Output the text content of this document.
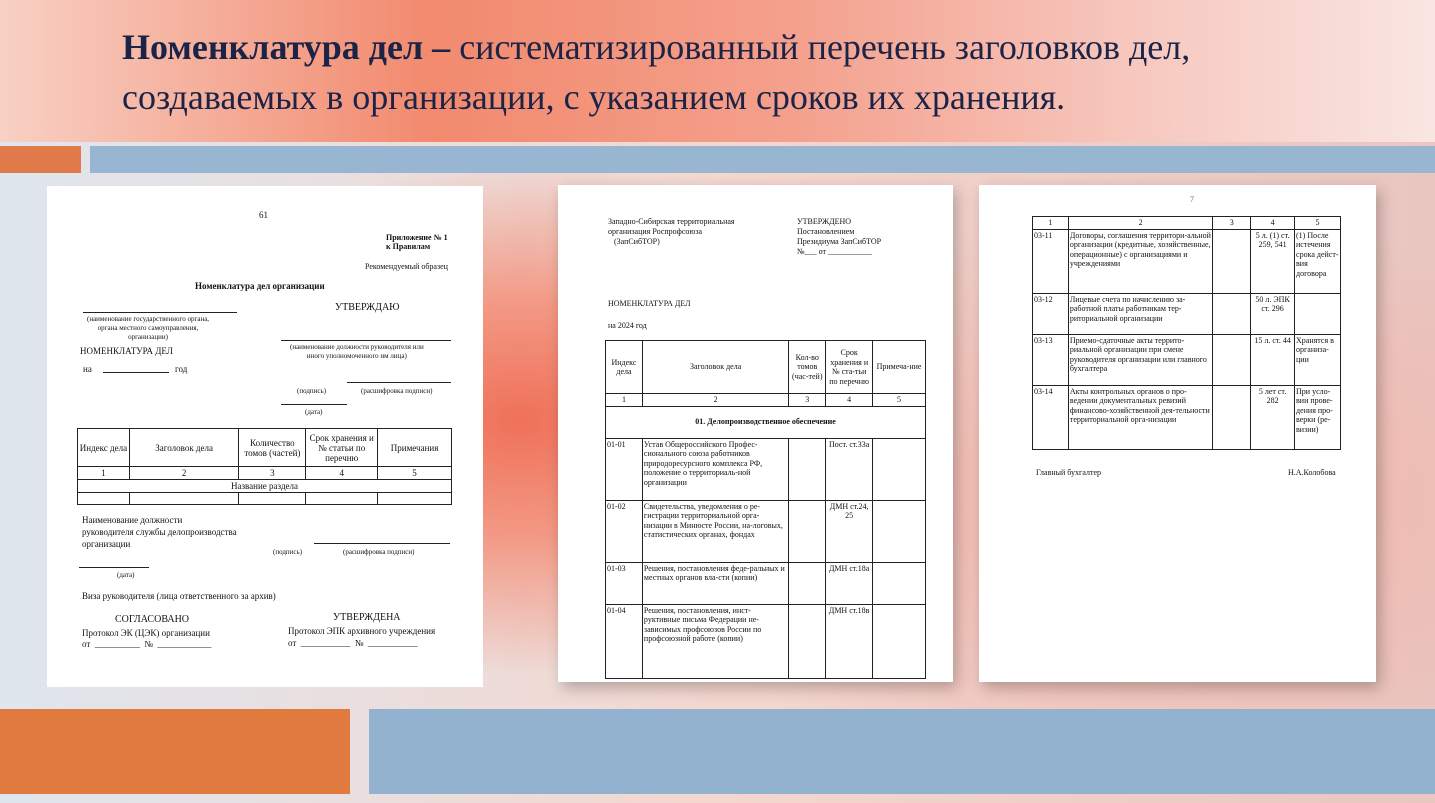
Номенклатура дел – систематизированный перечень заголовков дел, создаваемых в организации, с указанием сроков их хранения.
61
Приложение № 1
к Правилам
Рекомендуемый образец
Номенклатура дел организации
(наименование государственного органа,
органа местного самоуправления,
организации)
НОМЕНКЛАТУРА ДЕЛ
на	год
УТВЕРЖДАЮ
(наименование должности руководителя или
иного уполномоченного им лица)
(подпись)	(расшифровка подписи)
(дата)
Индекс дела	Заголовок дела	Количество томов (частей)	Срок хранения и № статьи по перечню	Примечания
1	2	3	4	5
Название раздела				

Наименование должности
руководителя службы делопроизводства
организации
(подпись)	(расшифровка подписи)
(дата)
Виза руководителя (лица ответственного за архив)
СОГЛАСОВАНО	УТВЕРЖДЕНА
Протокол ЭК (ЦЭК) организации	Протокол ЭПК архивного учреждения
от  __________  №  ____________	от  ___________  №  ___________
Западно-Сибирская территориальная
организация Роспрофсоюза
(ЗапСибТОР)
УТВЕРЖДЕНО
Постановлением
Президиума ЗапСибТОР
№___ от ___________
НОМЕНКЛАТУРА ДЕЛ
на 2024 год
Индекс дела	Заголовок дела	Кол-во томов (час-тей)	Срок хранения и № ста-тьи по перечню	Примеча-ние
1	2	3	4	5
01. Делопроизводственное обеспечение				
01-01	Устав Общероссийского Профес-сионального союза работников природоресурсного комплекса РФ, положение о территориаль-ной организации		Пост. ст.33а	
01-02	Свидетельства, уведомления о ре-гистрации территориальной орга-низации в Минюсте России, на-логовых, статистических органах, фондах		ДМН ст.24, 25	
01-03	Решения, постановления феде-ральных и местных органов вла-сти (копии)		ДМН ст.18а	
01-04	Решения, постановления, инст-руктивные письма Федерации не-зависимых профсоюзов России по профсоюзной работе (копии)		ДМН ст.18в	
7
1	2	3	4	5
03-11	Договоры, соглашения территори-альной организации (кредитные, хозяйственные, операционные) с организациями и учреждениями		5 л. (1) ст. 259, 541	(1) После истечения срока дейст-вия договора
03-12	Лицевые счета по начислению за-работной платы работникам тер-риториальной организации		50 л. ЭПК ст. 296	
03-13	Приемо-сдаточные акты террито-риальной организации при смене руководителя организации или главного бухгалтера		15 л. ст. 44	Хранятся в организа-ции
03-14	Акты контрольных органов о про-ведении документальных ревизий финансово-хозяйственной дея-тельности территориальной орга-низации		5 лет ст. 282	При усло-вии прове-дения про-верки (ре-визии)
Главный бухгалтер	Н.А.Колобова
